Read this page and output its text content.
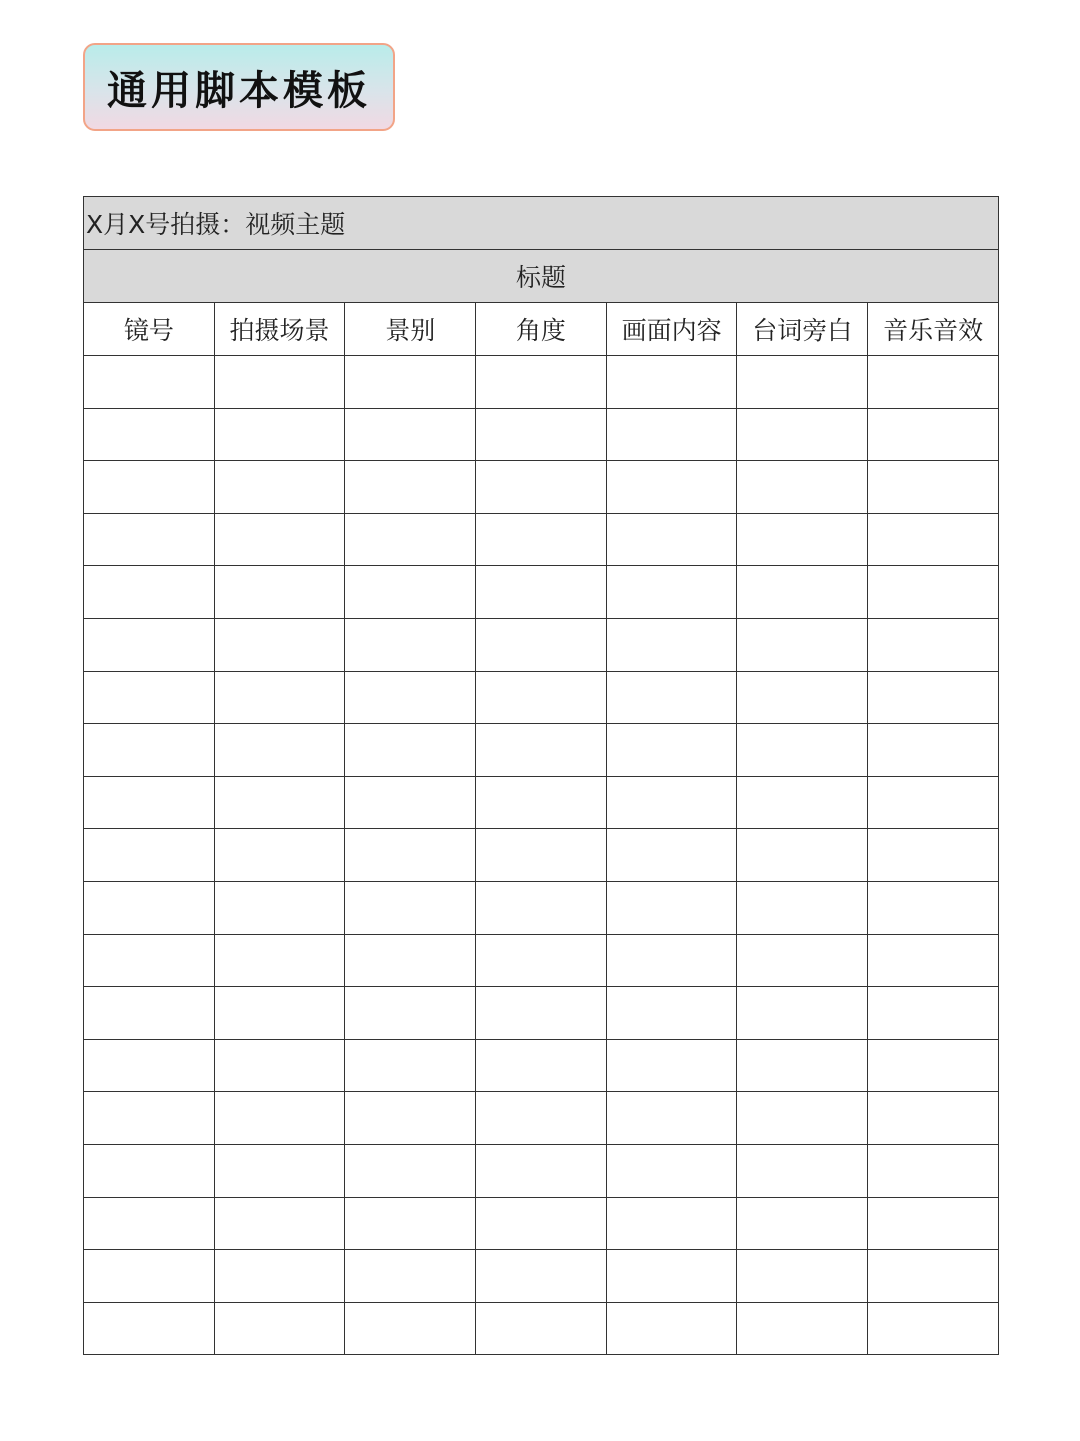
通用脚本模板
X月X号拍摄：视频主题						
标题						
镜号	拍摄场景	景别	角度	画面内容	台词旁白	音乐音效
